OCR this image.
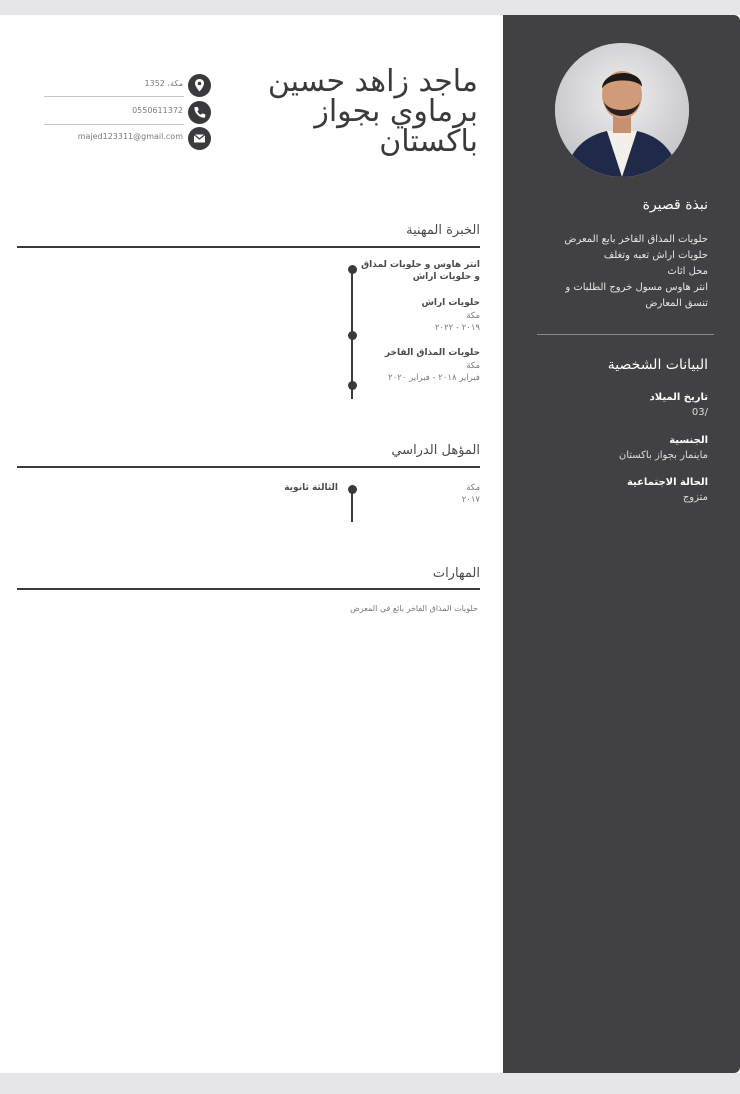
ماجد زاهد حسين برماوي بجواز باكستان
مكة، 1352
0550611372
majed123311@gmail.com
الخبرة المهنية
انتر هاوس و حلويات لمذاق
و حلويات اراش
حلويات اراش
مكة
٢٠١٩ - ٢٠٢٢
حلويات المذاق الفاخر
مكة
فبراير ٢٠١٨ - فبراير ٢٠٢٠
المؤهل الدراسي
مكة
٢٠١٧
الثالثة ثانوية
المهارات
حلويات المذاق الفاخر بائع في المعرض
نبذة قصيرة
حلويات المذاق الفاخر بايع المعرض
حلويات اراش تعبه وتغلف
محل اثاث
انتر هاوس مسول خروج الطلبات و
تنسق المعارض
البيانات الشخصية
تاريخ الميلاد
/03
الجنسية
ماينمار بجواز باكستان
الحالة الاجتماعية
متزوج
